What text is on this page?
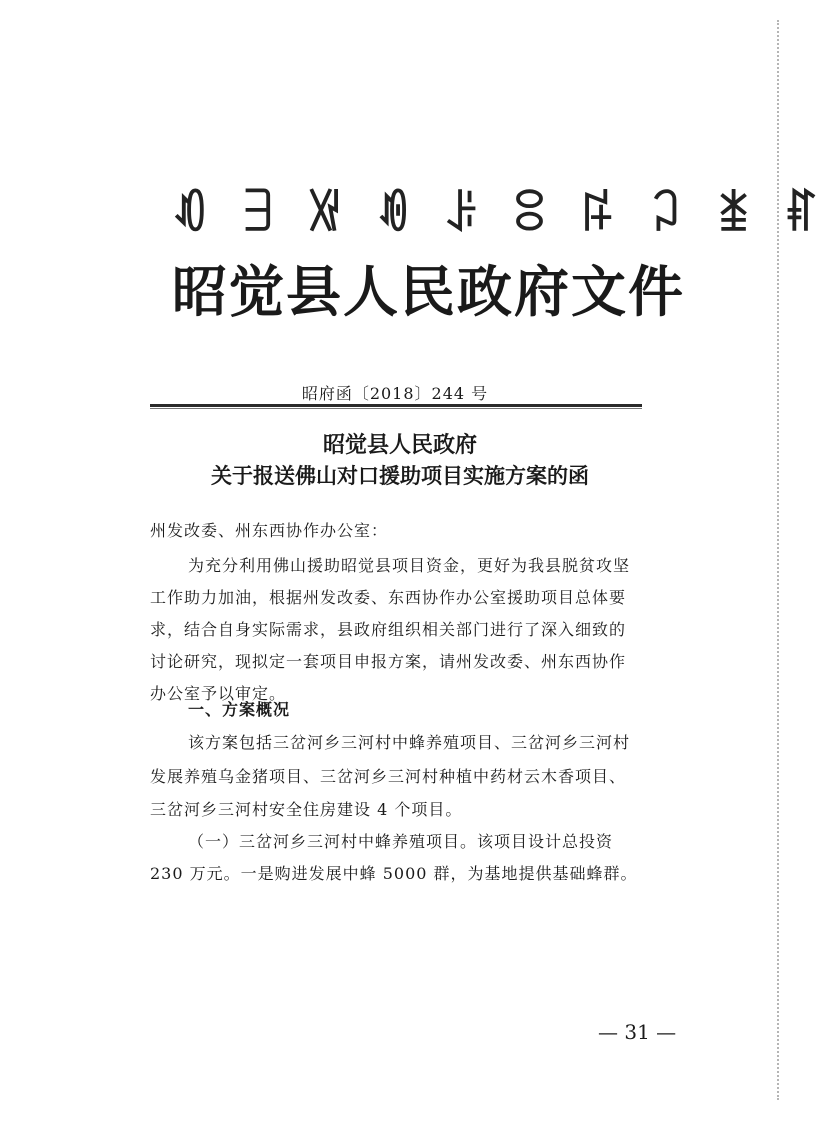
ꀒ ꎆ ꑟ ꀑ ꌠ ꈯ ꌬ ꃀ ꁧ ꐥ
昭觉县人民政府文件
昭府函〔2018〕244 号
昭觉县人民政府
关于报送佛山对口援助项目实施方案的函
州发改委、州东西协作办公室：
为充分利用佛山援助昭觉县项目资金，更好为我县脱贫攻坚
工作助力加油，根据州发改委、东西协作办公室援助项目总体要
求，结合自身实际需求，县政府组织相关部门进行了深入细致的
讨论研究，现拟定一套项目申报方案，请州发改委、州东西协作
办公室予以审定。
一、方案概况
该方案包括三岔河乡三河村中蜂养殖项目、三岔河乡三河村
发展养殖乌金猪项目、三岔河乡三河村种植中药材云木香项目、
三岔河乡三河村安全住房建设 4 个项目。
（一）三岔河乡三河村中蜂养殖项目。该项目设计总投资
230 万元。一是购进发展中蜂 5000 群，为基地提供基础蜂群。
— 31 —
